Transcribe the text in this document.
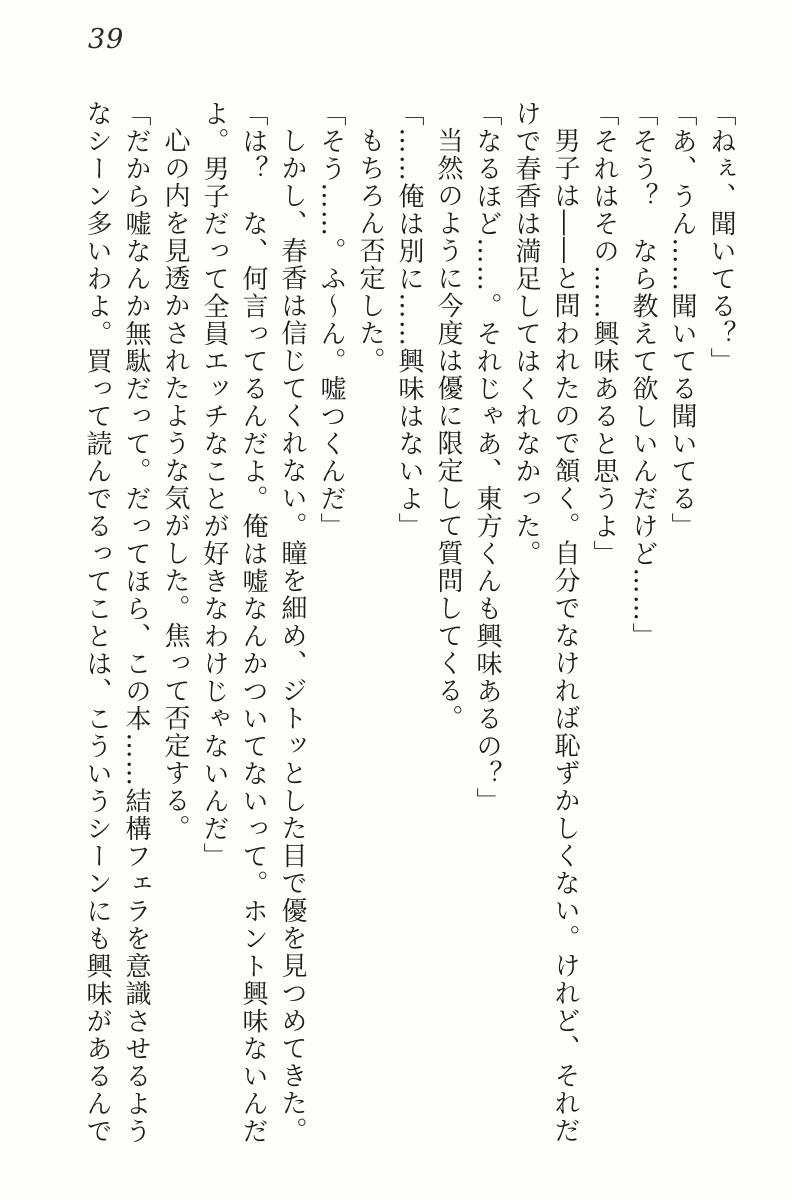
39

「ねぇ、聞いてる？」

「あ、うん……聞いてる聞いてる」

「そう？　なら教えて欲しいんだけど……」

「それはその……興味あると思うよ」

男子は――と問われたので頷く。自分でなければ恥ずかしくない。けれど、それだけで春香は満足してはくれなかった。

「なるほど……。それじゃあ、東方くんも興味あるの？」

当然のように今度は優に限定して質問してくる。

「……俺は別に……興味はないよ」

もちろん否定した。

「そう……。ふ～ん。嘘つくんだ」

しかし、春香は信じてくれない。瞳を細め、ジトッとした目で優を見つめてきた。

「は？　な、何言ってるんだよ。俺は嘘なんかついてないって。ホント興味ないんだよ。男子だって全員エッチなことが好きなわけじゃないんだ」

心の内を見透かされたような気がした。焦って否定する。

「だから嘘なんか無駄だって。だってほら、この本……結構フェラを意識させるようなシーン多いわよ。買って読んでるってことは、こういうシーンにも興味があるんで
